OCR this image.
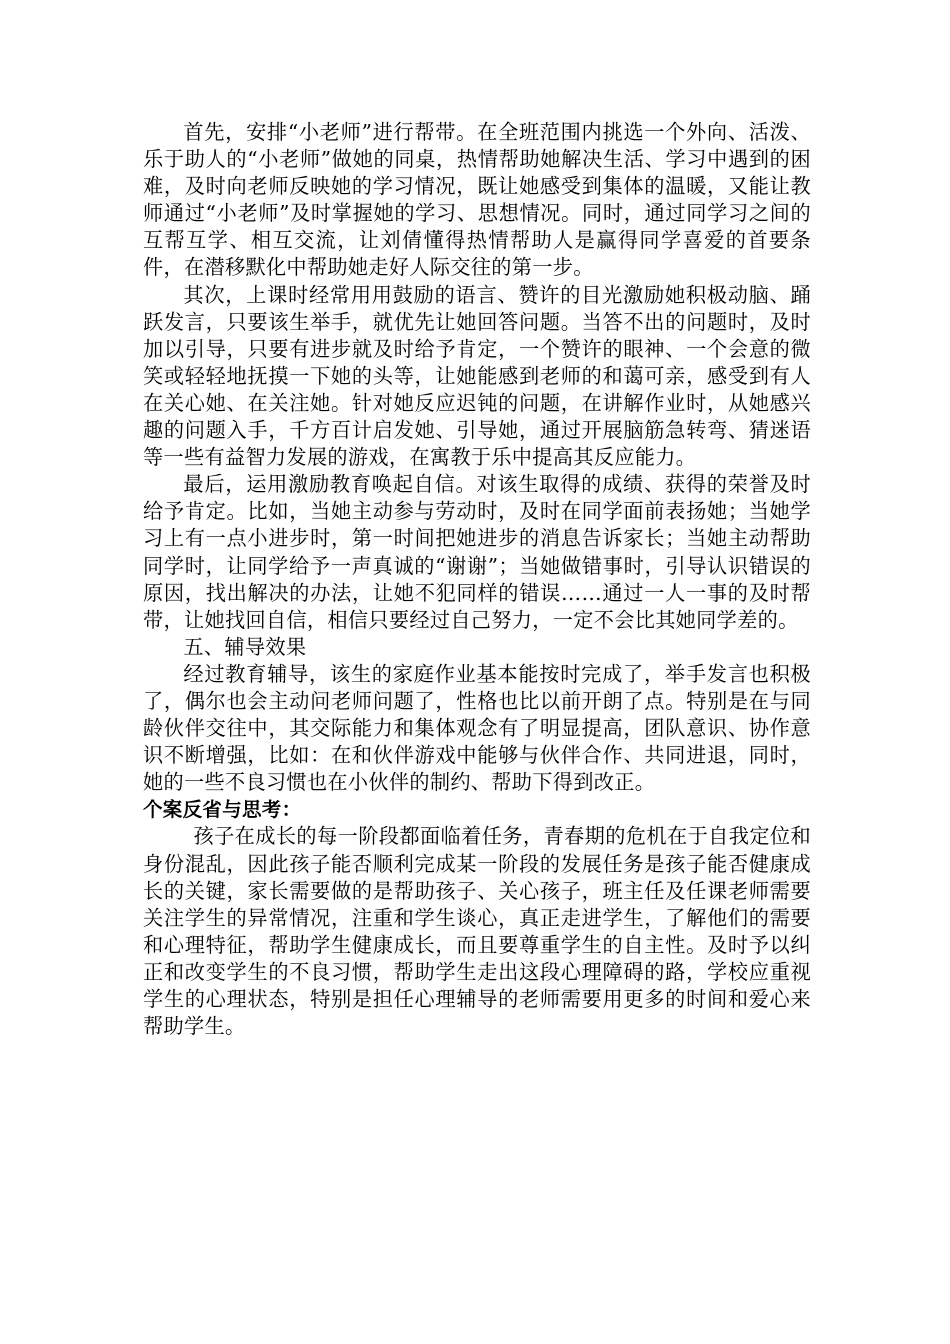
首先，安排“小老师”进行帮带。在全班范围内挑选一个外向、活泼、乐于助人的“小老师”做她的同桌，热情帮助她解决生活、学习中遇到的困难，及时向老师反映她的学习情况，既让她感受到集体的温暖，又能让教师通过“小老师”及时掌握她的学习、思想情况。同时，通过同学习之间的互帮互学、相互交流，让刘倩懂得热情帮助人是赢得同学喜爱的首要条件，在潜移默化中帮助她走好人际交往的第一步。

其次，上课时经常用用鼓励的语言、赞许的目光激励她积极动脑、踊跃发言，只要该生举手，就优先让她回答问题。当答不出的问题时，及时加以引导，只要有进步就及时给予肯定，一个赞许的眼神、一个会意的微笑或轻轻地抚摸一下她的头等，让她能感到老师的和蔼可亲，感受到有人在关心她、在关注她。针对她反应迟钝的问题，在讲解作业时，从她感兴趣的问题入手，千方百计启发她、引导她，通过开展脑筋急转弯、猜迷语等一些有益智力发展的游戏，在寓教于乐中提高其反应能力。

最后，运用激励教育唤起自信。对该生取得的成绩、获得的荣誉及时给予肯定。比如，当她主动参与劳动时，及时在同学面前表扬她；当她学习上有一点小进步时，第一时间把她进步的消息告诉家长；当她主动帮助同学时，让同学给予一声真诚的“谢谢”；当她做错事时，引导认识错误的原因，找出解决的办法，让她不犯同样的错误……通过一人一事的及时帮带，让她找回自信，相信只要经过自己努力，一定不会比其她同学差的。

五、辅导效果

经过教育辅导，该生的家庭作业基本能按时完成了，举手发言也积极了，偶尔也会主动问老师问题了，性格也比以前开朗了点。特别是在与同龄伙伴交往中，其交际能力和集体观念有了明显提高，团队意识、协作意识不断增强，比如：在和伙伴游戏中能够与伙伴合作、共同进退，同时，她的一些不良习惯也在小伙伴的制约、帮助下得到改正。

个案反省与思考：

孩子在成长的每一阶段都面临着任务，青春期的危机在于自我定位和身份混乱，因此孩子能否顺利完成某一阶段的发展任务是孩子能否健康成长的关键，家长需要做的是帮助孩子、关心孩子，班主任及任课老师需要关注学生的异常情况，注重和学生谈心，真正走进学生，了解他们的需要和心理特征，帮助学生健康成长，而且要尊重学生的自主性。及时予以纠正和改变学生的不良习惯，帮助学生走出这段心理障碍的路，学校应重视学生的心理状态，特别是担任心理辅导的老师需要用更多的时间和爱心来帮助学生。
